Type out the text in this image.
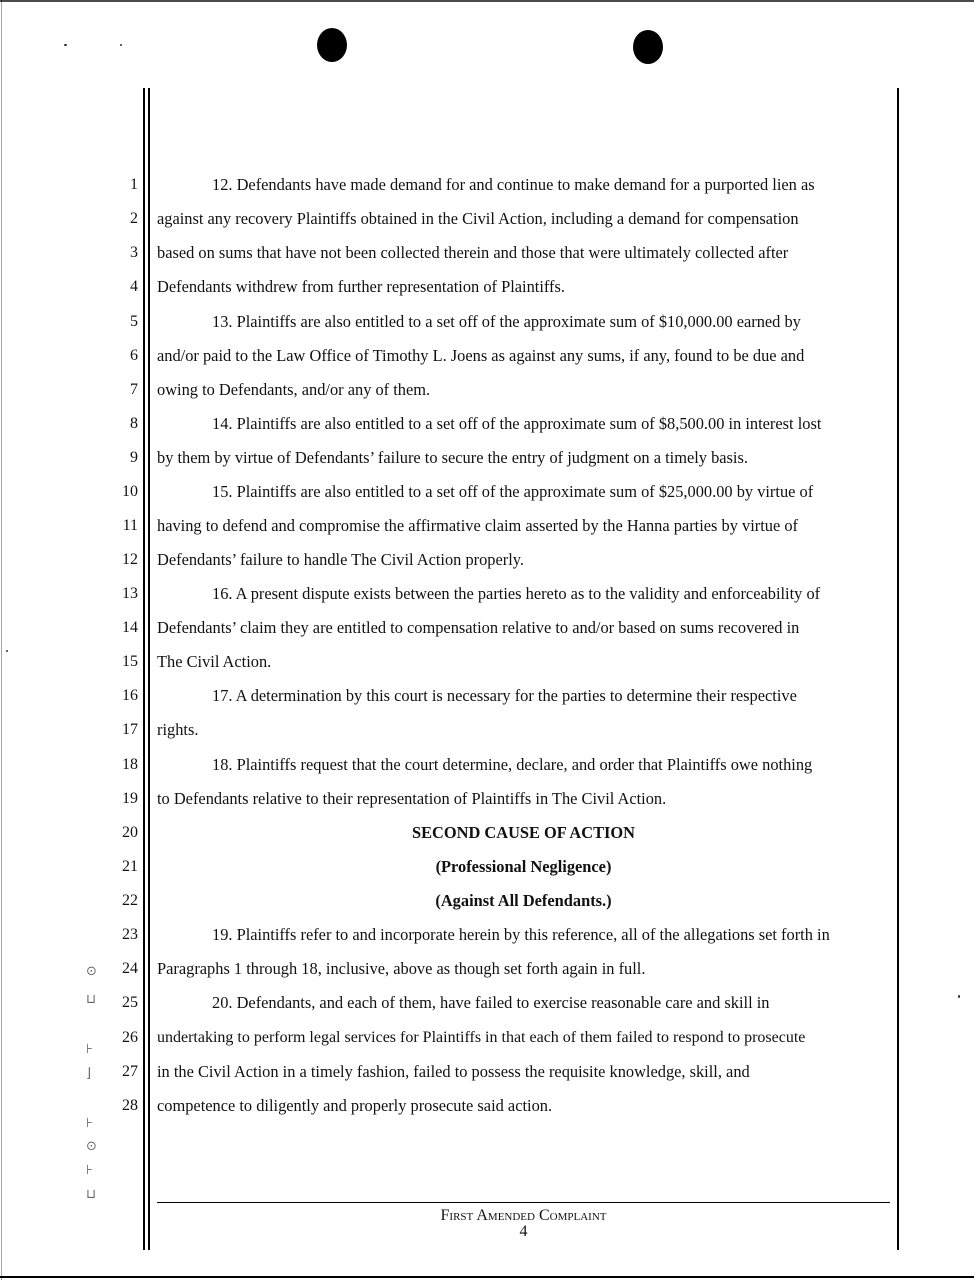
1
2
3
4
5
6
7
8
9
10
11
12
13
14
15
16
17
18
19
20
21
22
23
24
25
26
27
28
12. Defendants have made demand for and continue to make demand for a purported lien as
against any recovery Plaintiffs obtained in the Civil Action, including a demand for compensation
based on sums that have not been collected therein and those that were ultimately collected after
Defendants withdrew from further representation of Plaintiffs.
13. Plaintiffs are also entitled to a set off of the approximate sum of $10,000.00 earned by
and/or paid to the Law Office of Timothy L. Joens as against any sums, if any, found to be due and
owing to Defendants, and/or any of them.
14. Plaintiffs are also entitled to a set off of the approximate sum of $8,500.00 in interest lost
by them by virtue of Defendants’ failure to secure the entry of judgment on a timely basis.
15. Plaintiffs are also entitled to a set off of the approximate sum of $25,000.00 by virtue of
having to defend and compromise the affirmative claim asserted by the Hanna parties by virtue of
Defendants’ failure to handle The Civil Action properly.
16. A present dispute exists between the parties hereto as to the validity and enforceability of
Defendants’ claim they are entitled to compensation relative to and/or based on sums recovered in
The Civil Action.
17. A determination by this court is necessary for the parties to determine their respective
rights.
18. Plaintiffs request that the court determine, declare, and order that Plaintiffs owe nothing
to Defendants relative to their representation of Plaintiffs in The Civil Action.
SECOND CAUSE OF ACTION
(Professional Negligence)
(Against All Defendants.)
19. Plaintiffs refer to and incorporate herein by this reference, all of the allegations set forth in
Paragraphs 1 through 18, inclusive, above as though set forth again in full.
20. Defendants, and each of them, have failed to exercise reasonable care and skill in
undertaking to perform legal services for Plaintiffs in that each of them failed to respond to prosecute
in the Civil Action in a timely fashion, failed to possess the requisite knowledge, skill, and
competence to diligently and properly prosecute said action.
First Amended Complaint
4
⊙
⊔
⊦
⌋
⊦
⊙
⊦
⊔
